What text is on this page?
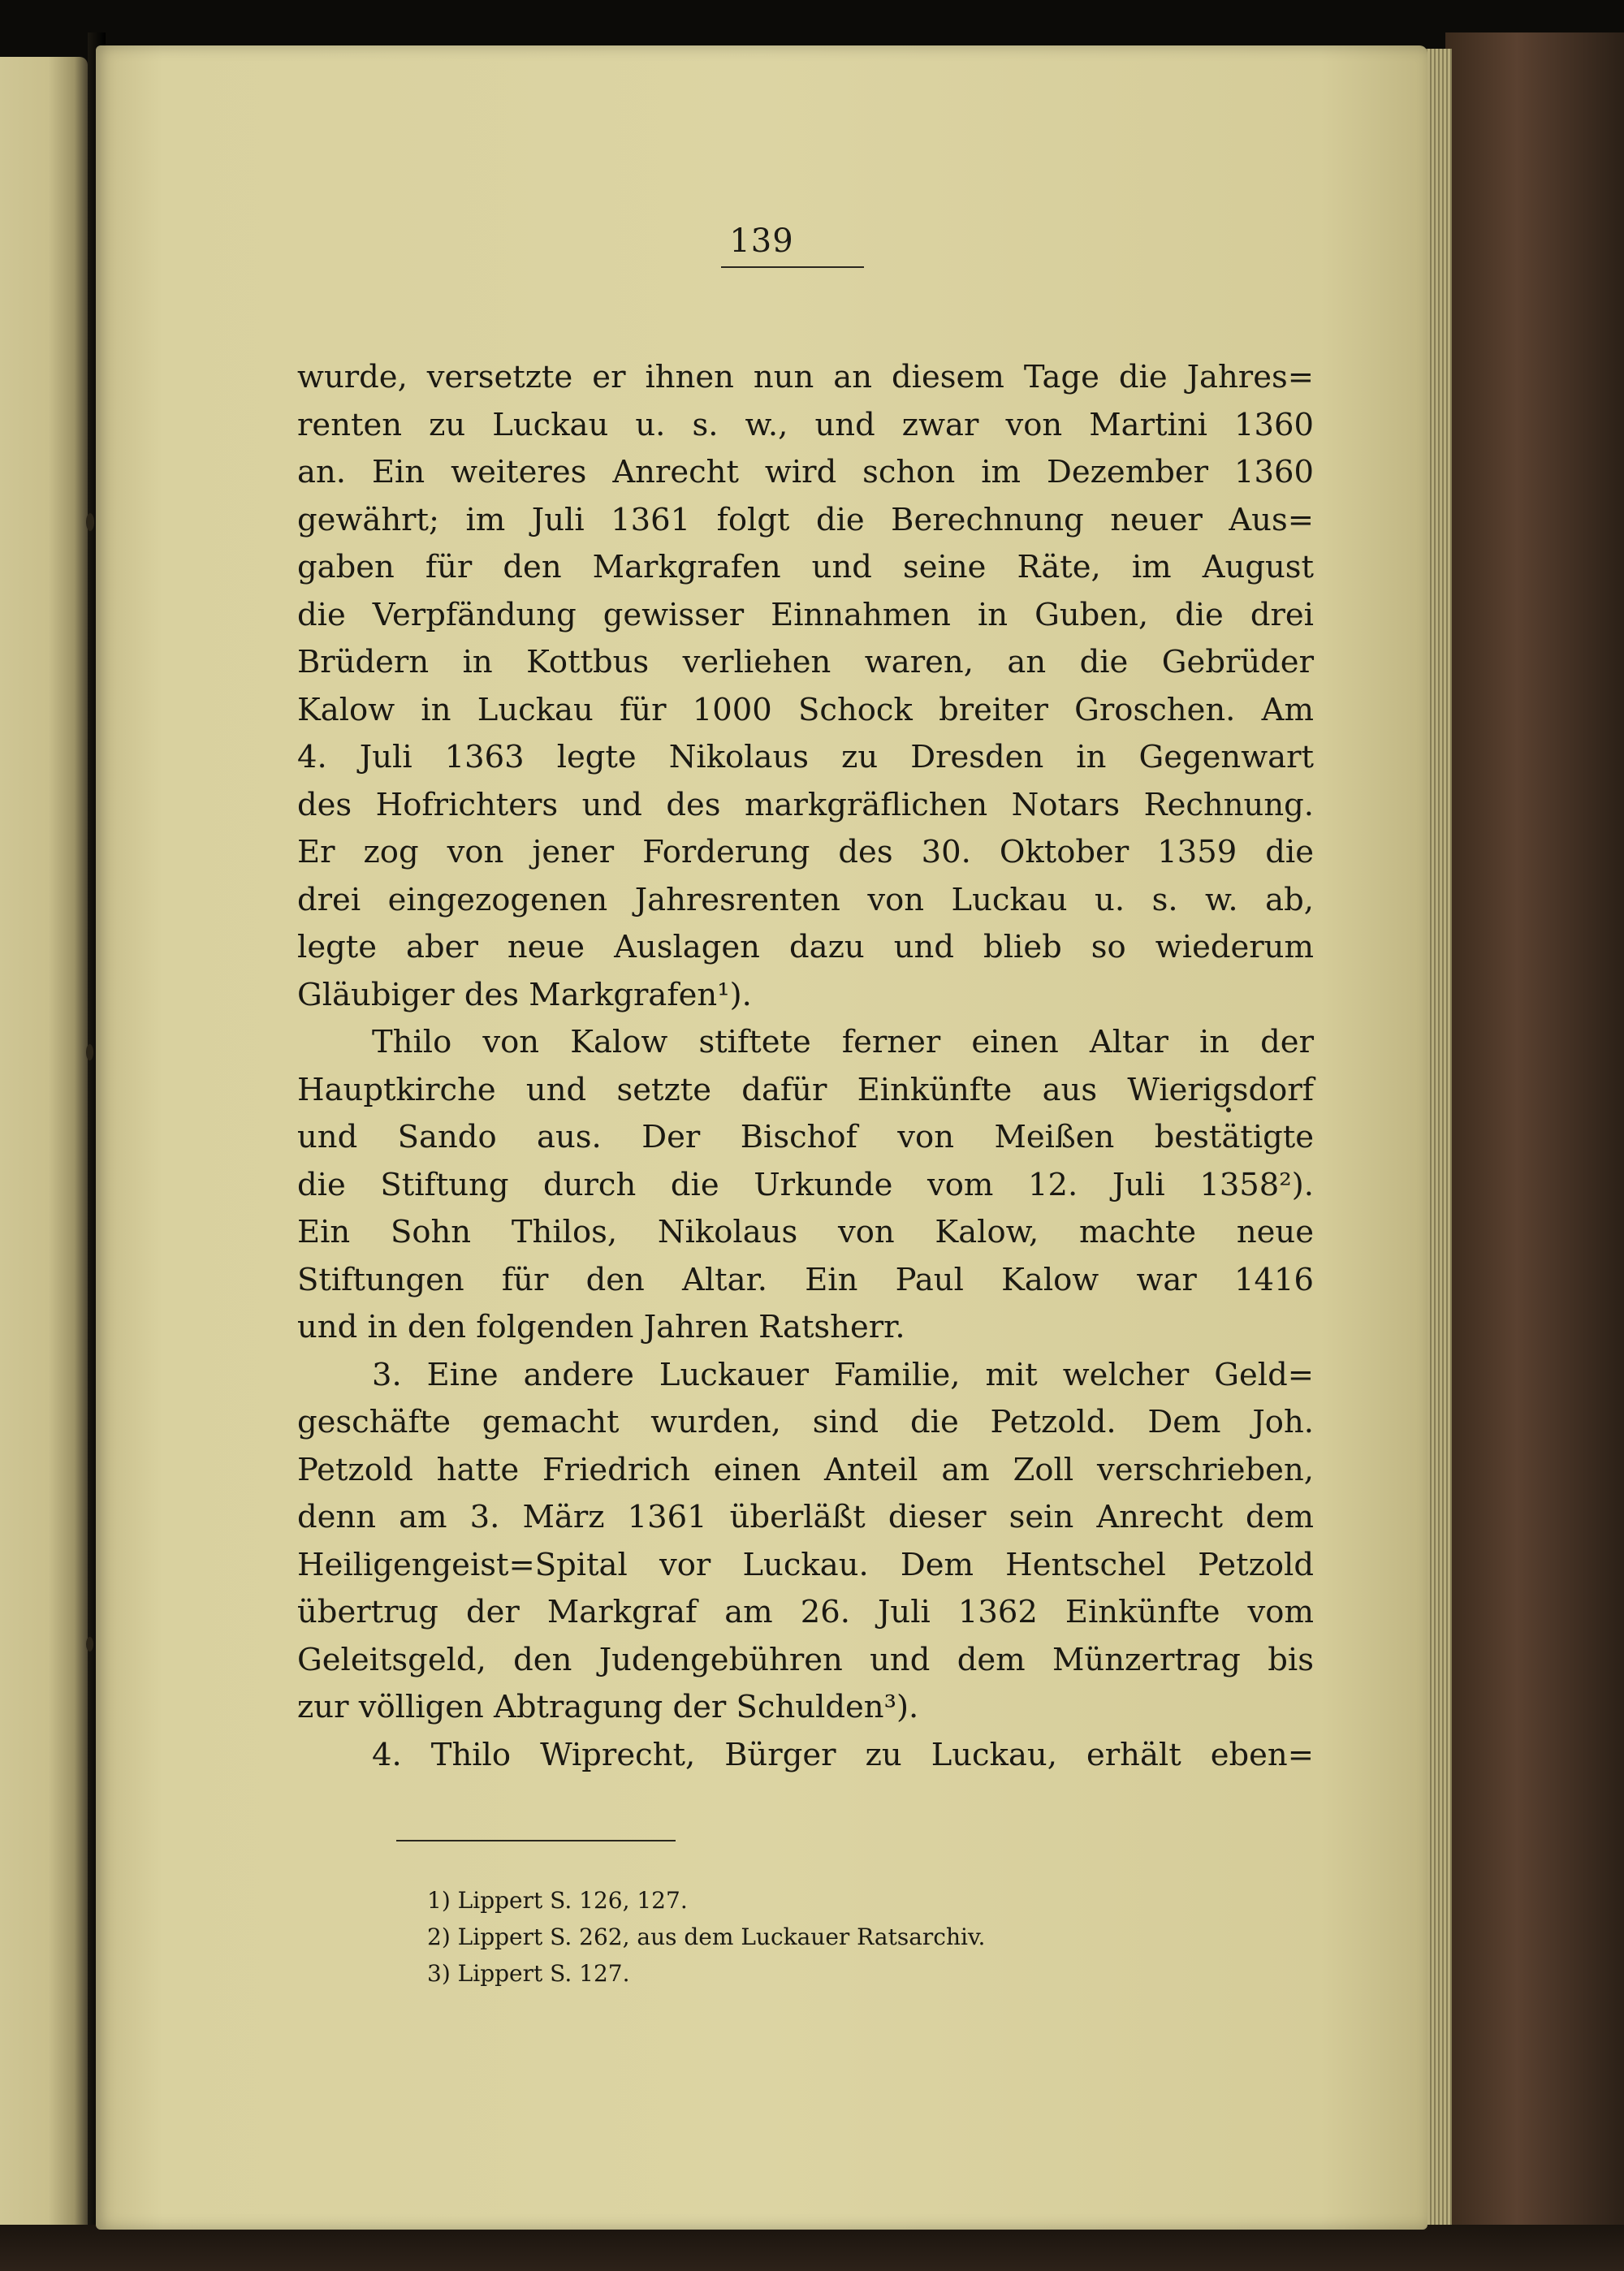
139
wurde, versetzte er ihnen nun an diesem Tage die Jahres=
renten zu Luckau u. s. w., und zwar von Martini 1360
an. Ein weiteres Anrecht wird schon im Dezember 1360
gewährt; im Juli 1361 folgt die Berechnung neuer Aus=
gaben für den Markgrafen und seine Räte, im August
die Verpfändung gewisser Einnahmen in Guben, die drei
Brüdern in Kottbus verliehen waren, an die Gebrüder
Kalow in Luckau für 1000 Schock breiter Groschen. Am
4. Juli 1363 legte Nikolaus zu Dresden in Gegenwart
des Hofrichters und des markgräflichen Notars Rechnung.
Er zog von jener Forderung des 30. Oktober 1359 die
drei eingezogenen Jahresrenten von Luckau u. s. w. ab,
legte aber neue Auslagen dazu und blieb so wiederum
Gläubiger des Markgrafen¹).
Thilo von Kalow stiftete ferner einen Altar in der
Hauptkirche und setzte dafür Einkünfte aus Wierigsdorf
und Sando aus. Der Bischof von Meißen bestätigte
die Stiftung durch die Urkunde vom 12. Juli 1358²).
Ein Sohn Thilos, Nikolaus von Kalow, machte neue
Stiftungen für den Altar. Ein Paul Kalow war 1416
und in den folgenden Jahren Ratsherr.
3. Eine andere Luckauer Familie, mit welcher Geld=
geschäfte gemacht wurden, sind die Petzold. Dem Joh.
Petzold hatte Friedrich einen Anteil am Zoll verschrieben,
denn am 3. März 1361 überläßt dieser sein Anrecht dem
Heiligengeist=Spital vor Luckau. Dem Hentschel Petzold
übertrug der Markgraf am 26. Juli 1362 Einkünfte vom
Geleitsgeld, den Judengebühren und dem Münzertrag bis
zur völligen Abtragung der Schulden³).
4. Thilo Wiprecht, Bürger zu Luckau, erhält eben=
1) Lippert S. 126, 127.
2) Lippert S. 262, aus dem Luckauer Ratsarchiv.
3) Lippert S. 127.
